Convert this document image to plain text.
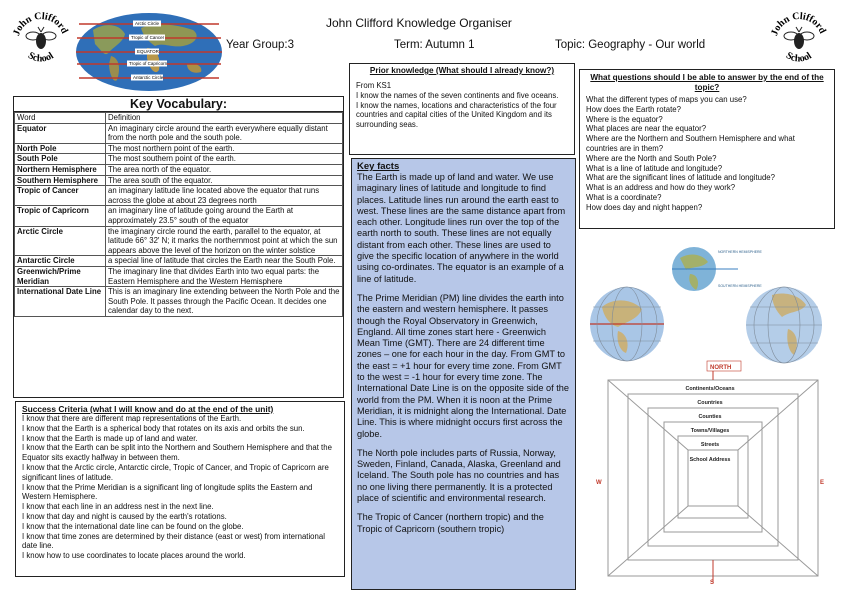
John Clifford
School
John Clifford
School
Arctic Circle
Tropic of Cancer
EQUATOR
Tropic of Capricorn
Antarctic Circle
John Clifford Knowledge Organiser
Year Group:3	Term: Autumn 1	Topic: Geography - Our world
Key Vocabulary:
Word	Definition
Equator	An imaginary circle around the earth everywhere equally distant from the north pole and the south pole.
North Pole	The most northern point of the earth.
South Pole	The most southern point of the earth.
Northern Hemisphere	The area north of the equator.
Southern Hemisphere	The area south of the equator.
Tropic of Cancer	an imaginary latitude line located above the equator that runs across the globe at about 23 degrees north
Tropic of Capricorn	an imaginary line of latitude going around the Earth at approximately 23.5° south of the equator
Arctic Circle	the imaginary circle round the earth, parallel to the equator, at latitude 66° 32′ N; it marks the northernmost point at which the sun appears above the level of the horizon on the winter solstice
Antarctic Circle	a special line of latitude that circles the Earth near the South Pole.
Greenwich/Prime Meridian	The imaginary line that divides Earth into two equal parts: the Eastern Hemisphere and the Western Hemisphere
International Date Line	This is an imaginary line extending between the North Pole and the South Pole. It passes through the Pacific Ocean. It decides one calendar day to the next.
Success Criteria (what I will know and do at the end of the unit)
I know that there are different map representations of the Earth.
I know that the Earth is a spherical body that rotates on its axis and orbits the sun.
I know that the Earth is made up of land and water.
I know that the Earth can be split into the Northern and Southern Hemisphere and that the Equator sits exactly halfway in between them.
I know that the Arctic circle, Antarctic circle, Tropic of Cancer, and Tropic of Capricorn are significant lines of latitude.
I know that the Prime Meridian is a significant ling of longitude splits the Eastern and Western Hemisphere.
I know that each line in an address nest in the next line.
I know that day and night is caused by the earth's rotations.
I know that the international date line can be found on the globe.
I know that time zones are determined by their distance (east or west) from international date line.
I know how to use coordinates to locate places around the world.
Prior knowledge (What should I already know?)
From KS1
I know the names of the seven continents and five oceans.
I know the names, locations and characteristics of the four countries and capital cities of the United Kingdom and its surrounding seas.
Key facts

The Earth is made up of land and water. We use imaginary lines of latitude and longitude to find places. Latitude lines run around the earth east to west. These lines are the same distance apart from each other. Longitude lines run over the top of the earth north to south. These lines are not equally distant from each other. These lines are used to give the specific location of anywhere in the world using co-ordinates. The equator is an example of a line of latitude.

The Prime Meridian (PM) line divides the earth into the eastern and western hemisphere. It passes though the Royal Observatory in Greenwich, England. All time zones start here - Greenwich Mean Time (GMT). There are 24 different time zones – one for each hour in the day. From GMT to the east = +1 hour for every time zone. From GMT to the west = -1 hour for every time zone. The International Date Line is on the opposite side of the world from the PM. When it is noon at the Prime Meridian, it is midnight along the International. Date Line. This is where midnight occurs first across the globe.

The North pole includes parts of Russia, Norway, Sweden, Finland, Canada, Alaska, Greenland and Iceland. The South pole has no countries and has no one living there permanently. It is a protected place of scientific and environmental research.

The Tropic of Cancer (northern tropic) and the Tropic of Capricorn (southern tropic)

What questions should I be able to answer by the end of the topic?
What the different types of maps you can use?
How does the Earth rotate?
Where is the equator?
What places are near the equator?
Where are the Northern and Southern Hemisphere and what countries are in them?
Where are the North and South Pole?
What is a line of latitude and longitude?
What are the significant lines of latitude and longitude?
What is an address and how do they work?
What is a coordinate?
How does day and night happen?
NORTHERN HEMISPHERE
SOUTHERN HEMISPHERE
NORTH
S
W	E
Continents/Oceans
Countries
Counties
Towns/Villages
Streets
School Address
